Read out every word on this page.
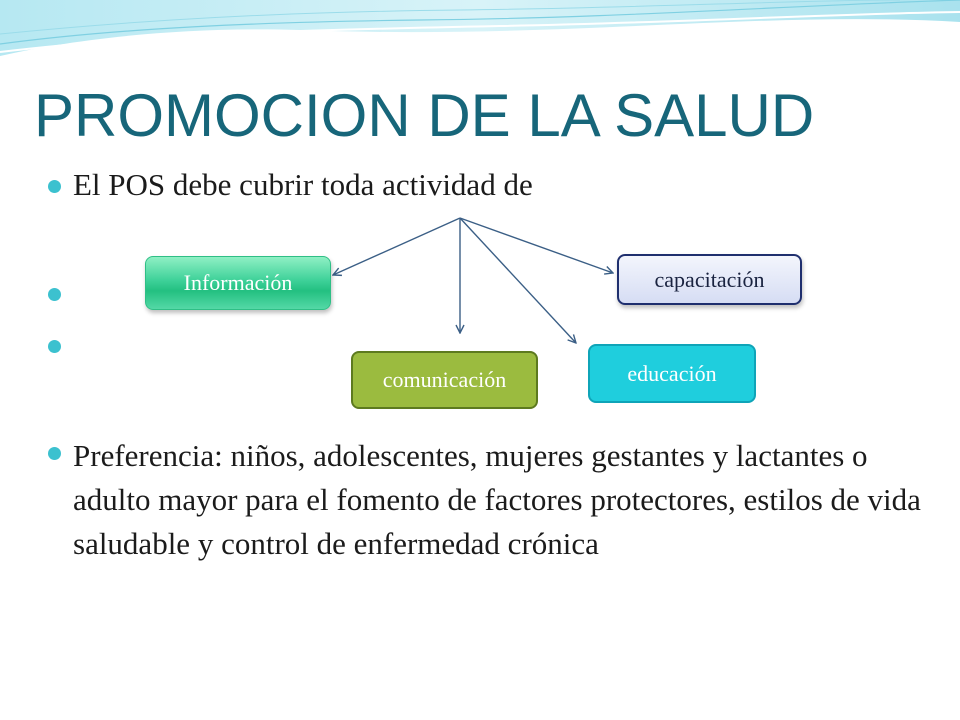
PROMOCION DE LA SALUD
El POS debe cubrir toda actividad de
Información	capacitación
comunicación	educación

Preferencia: niños, adolescentes, mujeres gestantes y lactantes o adulto mayor para el fomento de factores protectores, estilos de vida saludable y control de enfermedad crónica
